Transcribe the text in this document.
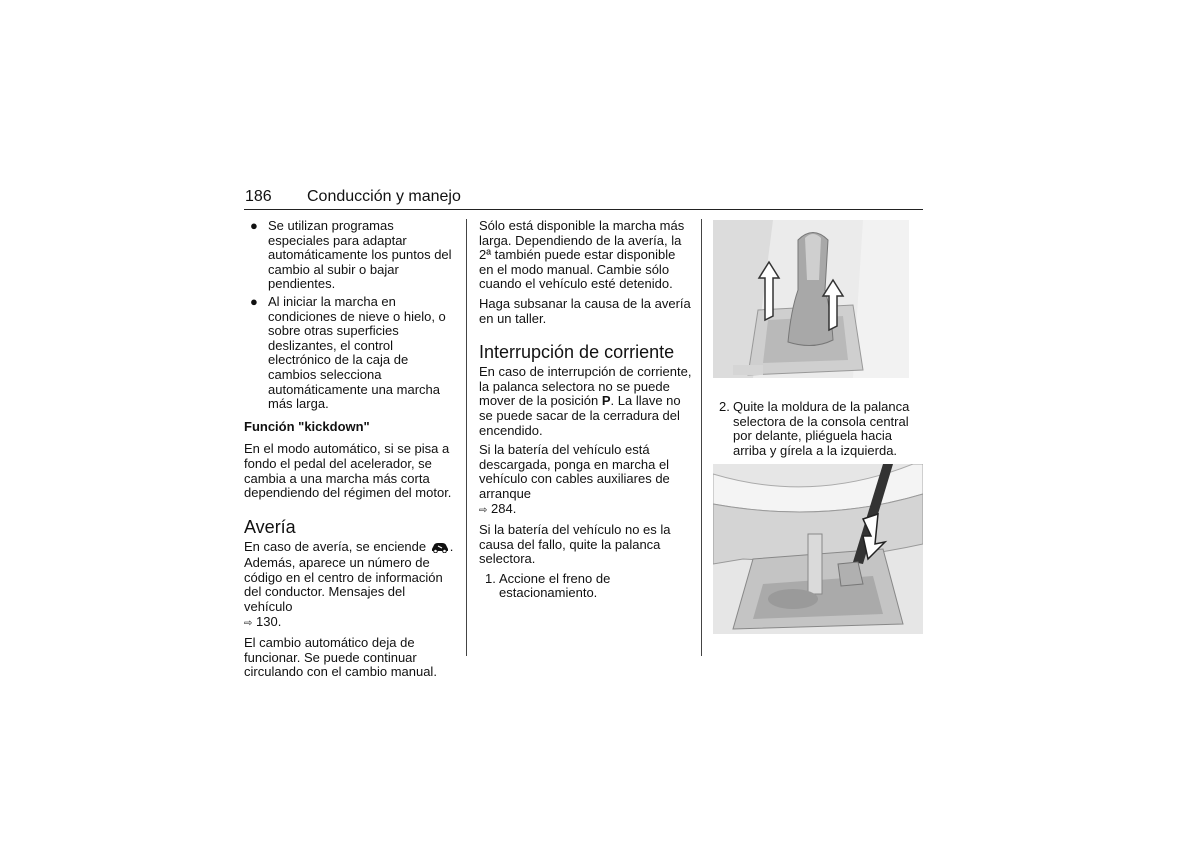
186 Conducción y manejo
● Se utilizan programas especiales para adaptar automáticamente los puntos del cambio al subir o bajar pendientes.
● Al iniciar la marcha en condiciones de nieve o hielo, o sobre otras superficies deslizantes, el control electrónico de la caja de cambios selecciona automáticamente una marcha más larga.
Función "kickdown"

En el modo automático, si se pisa a fondo el pedal del acelerador, se cambia a una marcha más corta dependiendo del régimen del motor.

Avería

En caso de avería, se enciende . Además, aparece un número de código en el centro de información del conductor. Mensajes del vehículo
⇨ 130.

El cambio automático deja de funcionar. Se puede continuar circulando con el cambio manual.

Sólo está disponible la marcha más larga. Dependiendo de la avería, la 2ª también puede estar disponible en el modo manual. Cambie sólo cuando el vehículo esté detenido.

Haga subsanar la causa de la avería en un taller.

Interrupción de corriente

En caso de interrupción de corriente, la palanca selectora no se puede mover de la posición P. La llave no se puede sacar de la cerradura del encendido.

Si la batería del vehículo está descargada, ponga en marcha el vehículo con cables auxiliares de arranque
⇨ 284.

Si la batería del vehículo no es la causa del fallo, quite la palanca selectora.

1. Accione el freno de estacionamiento.
2. Quite la moldura de la palanca selectora de la consola central por delante, pliéguela hacia arriba y gírela a la izquierda.
